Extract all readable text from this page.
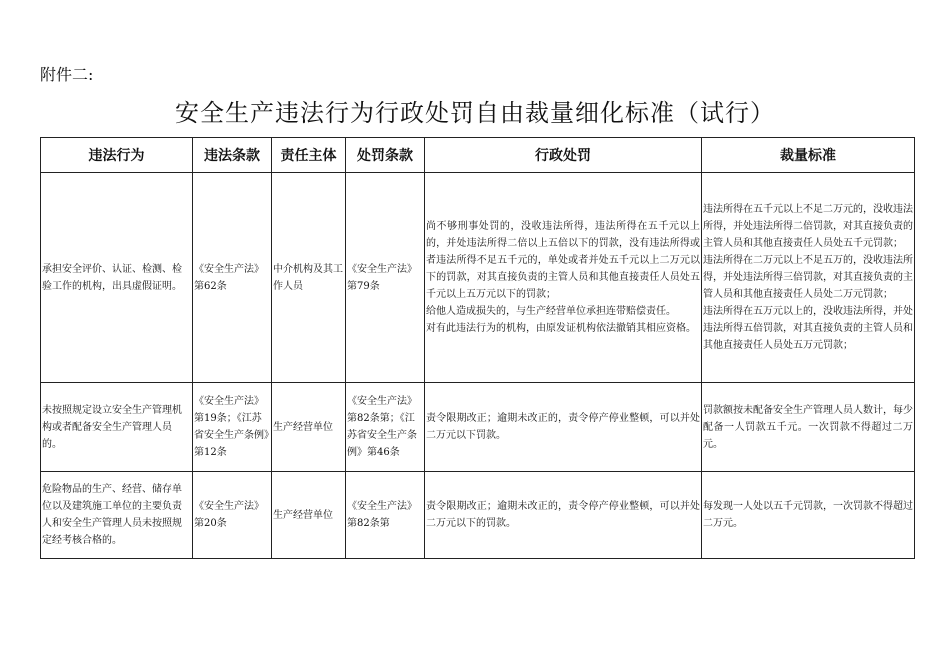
附件二:
安全生产违法行为行政处罚自由裁量细化标准（试行）
违法行为	违法条款	责任主体	处罚条款	行政处罚	裁量标准
承担安全评价、认证、检测、检验工作的机构，出具虚假证明。	《安全生产法》第62条	中介机构及其工作人员	《安全生产法》第79条	尚不够刑事处罚的，没收违法所得，违法所得在五千元以上的，并处违法所得二倍以上五倍以下的罚款，没有违法所得或者违法所得不足五千元的，单处或者并处五千元以上二万元以下的罚款，对其直接负责的主管人员和其他直接责任人员处五千元以上五万元以下的罚款；
给他人造成损失的，与生产经营单位承担连带赔偿责任。
对有此违法行为的机构，由原发证机构依法撤销其相应资格。	违法所得在五千元以上不足二万元的，没收违法所得，并处违法所得二倍罚款，对其直接负责的主管人员和其他直接责任人员处五千元罚款；
违法所得在二万元以上不足五万的，没收违法所得，并处违法所得三倍罚款，对其直接负责的主管人员和其他直接责任人员处二万元罚款；
违法所得在五万元以上的，没收违法所得，并处违法所得五倍罚款，对其直接负责的主管人员和其他直接责任人员处五万元罚款；

未按照规定设立安全生产管理机构或者配备安全生产管理人员的。	《安全生产法》第19条；《江苏省安全生产条例》第12条	生产经营单位	《安全生产法》第82条第；《江苏省安全生产条例》第46条	责令限期改正；逾期未改正的，责令停产停业整顿，可以并处二万元以下罚款。	罚款额按未配备安全生产管理人员人数计，每少配备一人罚款五千元。一次罚款不得超过二万元。

危险物品的生产、经营、储存单位以及建筑施工单位的主要负责人和安全生产管理人员未按照规定经考核合格的。	《安全生产法》第20条	生产经营单位	《安全生产法》第82条第	责令限期改正；逾期未改正的，责令停产停业整顿，可以并处二万元以下的罚款。	每发现一人处以五千元罚款，一次罚款不得超过二万元。
